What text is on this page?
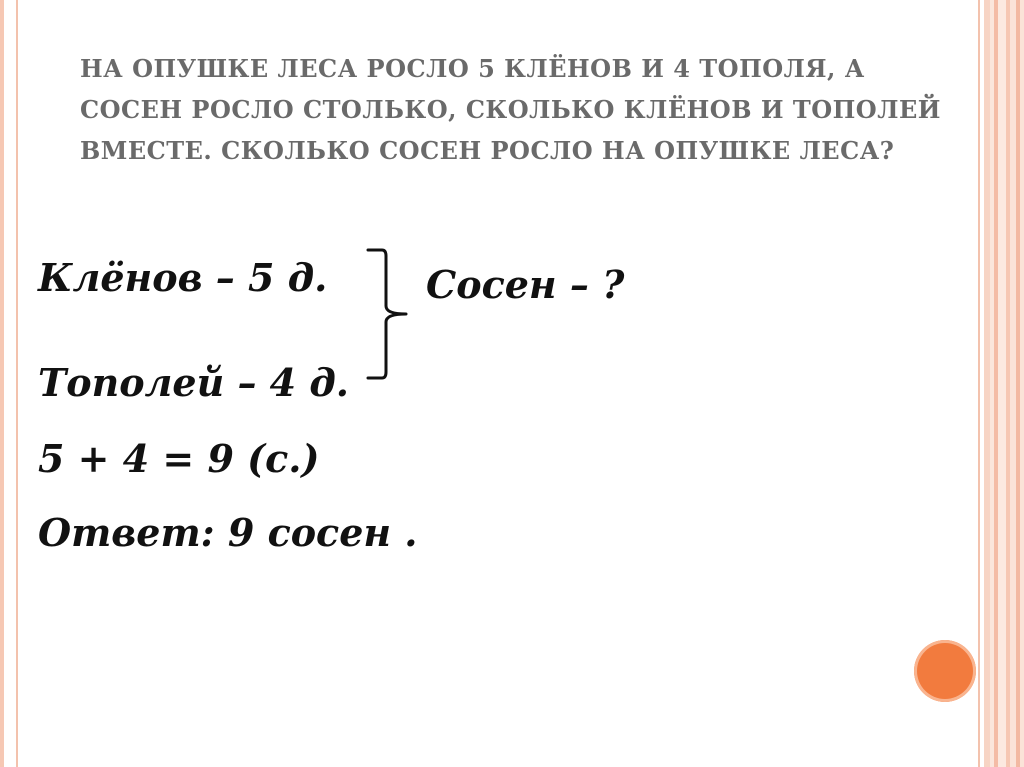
НА ОПУШКЕ ЛЕСА РОСЛО 5 КЛЁНОВ И 4 ТОПОЛЯ, А СОСЕН РОСЛО СТОЛЬКО, СКОЛЬКО КЛЁНОВ И ТОПОЛЕЙ ВМЕСТЕ. СКОЛЬКО СОСЕН РОСЛО НА ОПУШКЕ ЛЕСА?
Клёнов – 5 д.
Тополей – 4 д.
Сосен – ?
5 + 4 = 9 (с.)
Ответ: 9 сосен .
